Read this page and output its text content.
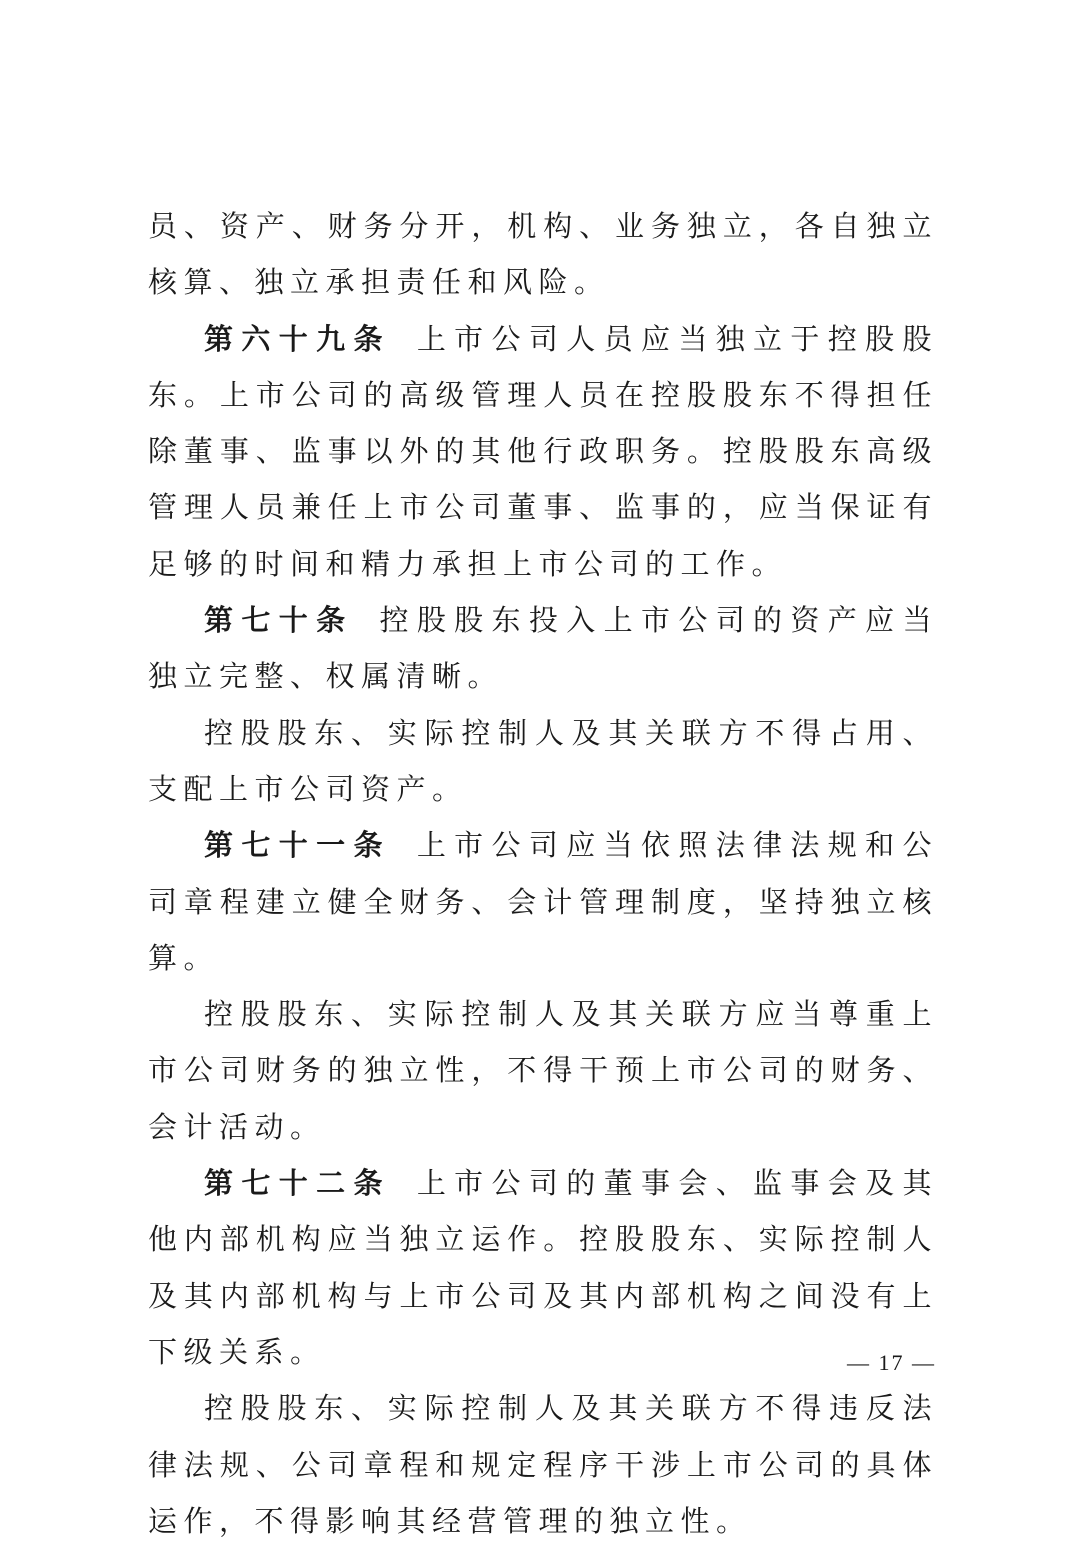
员、资产、财务分开，机构、业务独立，各自独立核算、独立承担责任和风险。

第六十九条 上市公司人员应当独立于控股股东。上市公司的高级管理人员在控股股东不得担任除董事、监事以外的其他行政职务。控股股东高级管理人员兼任上市公司董事、监事的，应当保证有足够的时间和精力承担上市公司的工作。

第七十条 控股股东投入上市公司的资产应当独立完整、权属清晰。

控股股东、实际控制人及其关联方不得占用、支配上市公司资产。

第七十一条 上市公司应当依照法律法规和公司章程建立健全财务、会计管理制度，坚持独立核算。

控股股东、实际控制人及其关联方应当尊重上市公司财务的独立性，不得干预上市公司的财务、会计活动。

第七十二条 上市公司的董事会、监事会及其他内部机构应当独立运作。控股股东、实际控制人及其内部机构与上市公司及其内部机构之间没有上下级关系。

控股股东、实际控制人及其关联方不得违反法律法规、公司章程和规定程序干涉上市公司的具体运作，不得影响其经营管理的独立性。

— 17 —
